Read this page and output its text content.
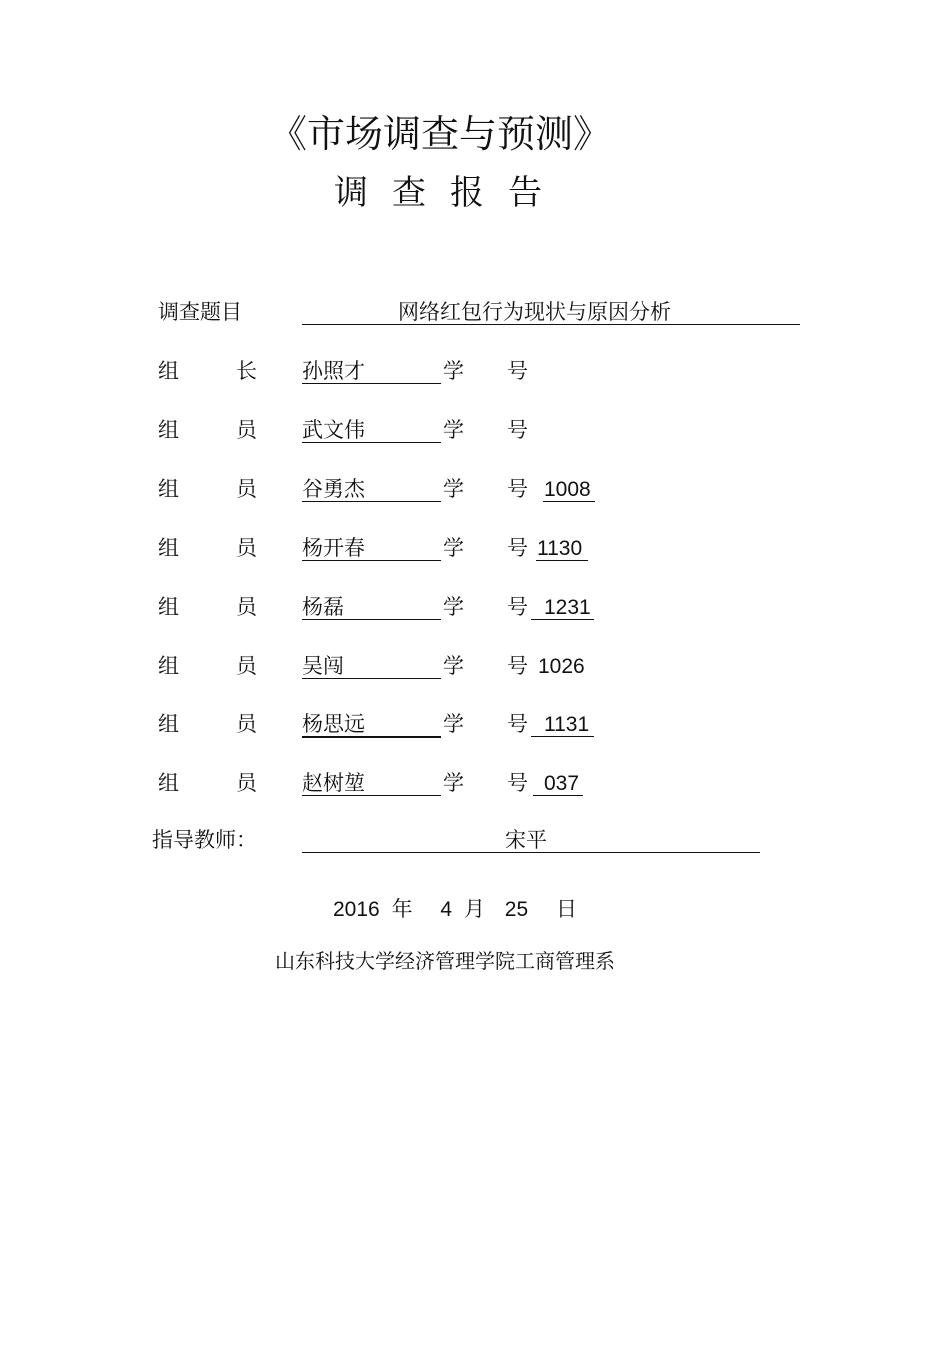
《市场调查与预测》
调查报告
调查题目	网络红包行为现状与原因分析
组	长 孙照才	学 号
组	员 武文伟	学 号
组	员 谷勇杰	学 号 1008
组	员 杨开春	学 号 1130
组	员 杨磊	学 号 1231
组	员 吴闯	学 号 1026
组	员 杨思远	学 号 1131
组	员 赵树堃	学 号 037
指导教师：	宋平
2016 年 4 月 25 日
山东科技大学经济管理学院工商管理系
